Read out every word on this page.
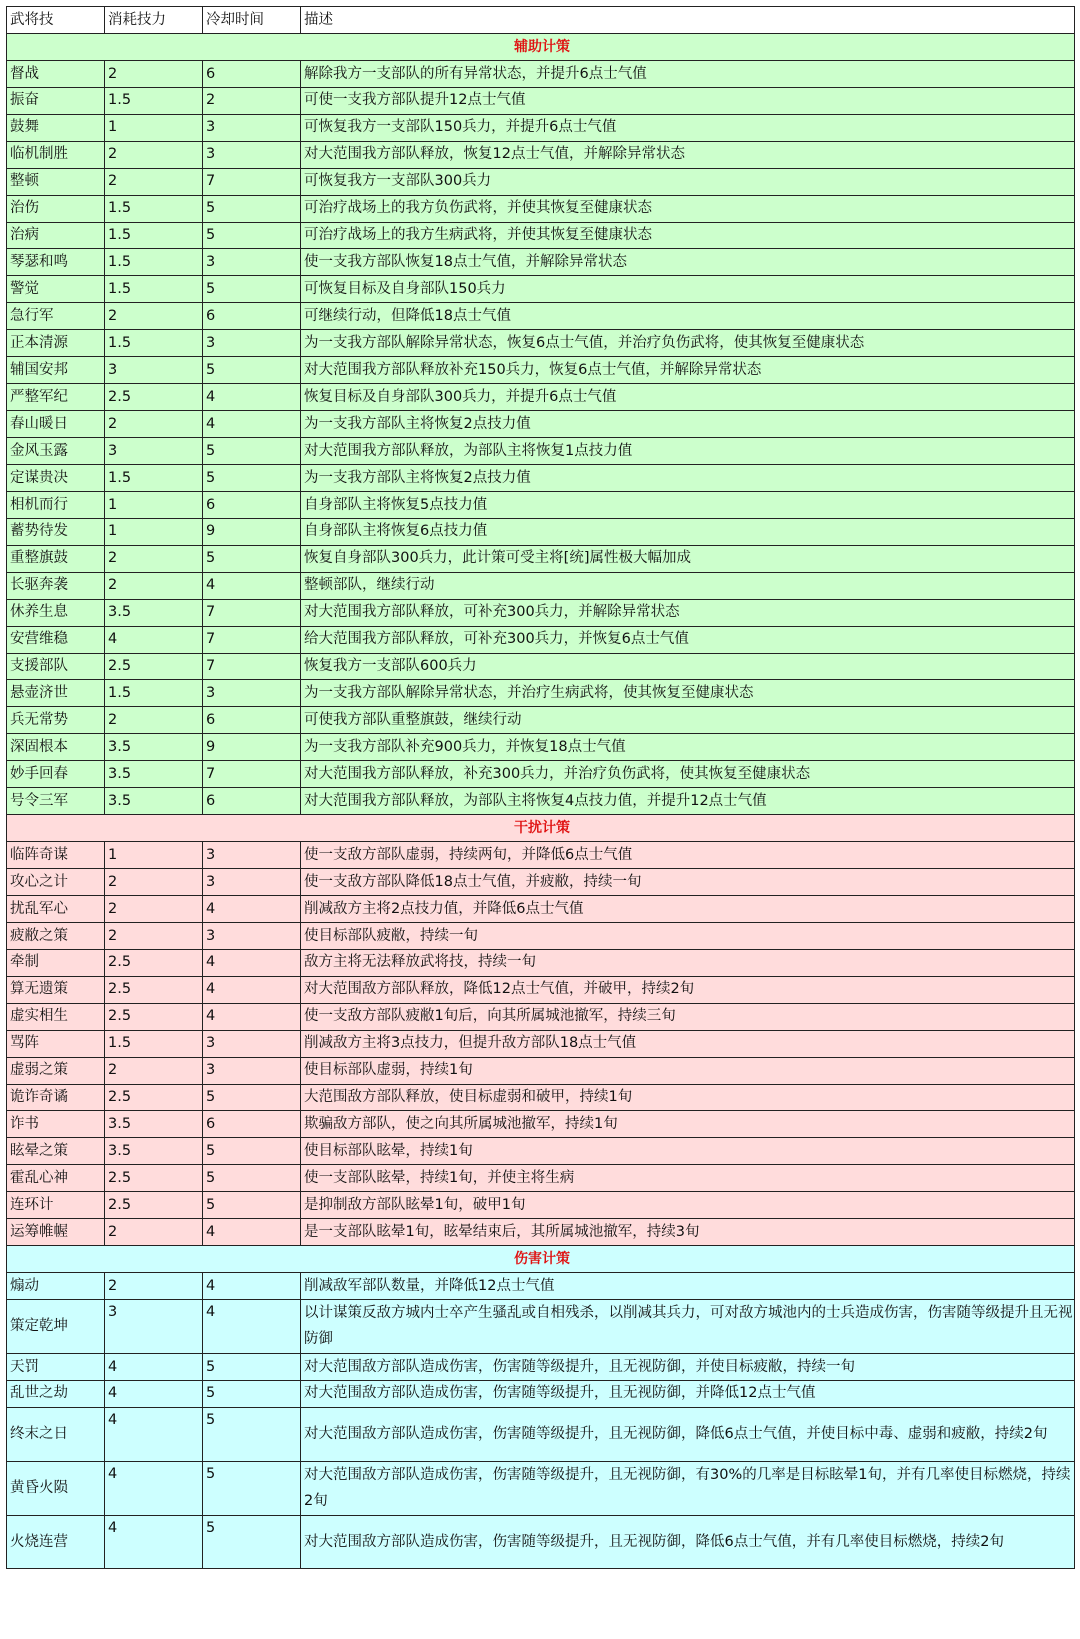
武将技	消耗技力	冷却时间	描述
辅助计策			
督战	2	6	解除我方一支部队的所有异常状态，并提升6点士气值
振奋	1.5	2	可使一支我方部队提升12点士气值
鼓舞	1	3	可恢复我方一支部队150兵力，并提升6点士气值
临机制胜	2	3	对大范围我方部队释放，恢复12点士气值，并解除异常状态
整顿	2	7	可恢复我方一支部队300兵力
治伤	1.5	5	可治疗战场上的我方负伤武将，并使其恢复至健康状态
治病	1.5	5	可治疗战场上的我方生病武将，并使其恢复至健康状态
琴瑟和鸣	1.5	3	使一支我方部队恢复18点士气值，并解除异常状态
警觉	1.5	5	可恢复目标及自身部队150兵力
急行军	2	6	可继续行动，但降低18点士气值
正本清源	1.5	3	为一支我方部队解除异常状态，恢复6点士气值，并治疗负伤武将，使其恢复至健康状态
辅国安邦	3	5	对大范围我方部队释放补充150兵力，恢复6点士气值，并解除异常状态
严整军纪	2.5	4	恢复目标及自身部队300兵力，并提升6点士气值
春山暖日	2	4	为一支我方部队主将恢复2点技力值
金风玉露	3	5	对大范围我方部队释放，为部队主将恢复1点技力值
定谋贵决	1.5	5	为一支我方部队主将恢复2点技力值
相机而行	1	6	自身部队主将恢复5点技力值
蓄势待发	1	9	自身部队主将恢复6点技力值
重整旗鼓	2	5	恢复自身部队300兵力，此计策可受主将[统]属性极大幅加成
长驱奔袭	2	4	整顿部队，继续行动
休养生息	3.5	7	对大范围我方部队释放，可补充300兵力，并解除异常状态
安营维稳	4	7	给大范围我方部队释放，可补充300兵力，并恢复6点士气值
支援部队	2.5	7	恢复我方一支部队600兵力
悬壶济世	1.5	3	为一支我方部队解除异常状态，并治疗生病武将，使其恢复至健康状态
兵无常势	2	6	可使我方部队重整旗鼓，继续行动
深固根本	3.5	9	为一支我方部队补充900兵力，并恢复18点士气值
妙手回春	3.5	7	对大范围我方部队释放，补充300兵力，并治疗负伤武将，使其恢复至健康状态
号令三军	3.5	6	对大范围我方部队释放，为部队主将恢复4点技力值，并提升12点士气值
干扰计策			
临阵奇谋	1	3	使一支敌方部队虚弱，持续两旬，并降低6点士气值
攻心之计	2	3	使一支敌方部队降低18点士气值，并疲敝，持续一旬
扰乱军心	2	4	削减敌方主将2点技力值，并降低6点士气值
疲敝之策	2	3	使目标部队疲敝，持续一旬
牵制	2.5	4	敌方主将无法释放武将技，持续一旬
算无遗策	2.5	4	对大范围敌方部队释放，降低12点士气值，并破甲，持续2旬
虚实相生	2.5	4	使一支敌方部队疲敝1旬后，向其所属城池撤军，持续三旬
骂阵	1.5	3	削减敌方主将3点技力，但提升敌方部队18点士气值
虚弱之策	2	3	使目标部队虚弱，持续1旬
诡诈奇谲	2.5	5	大范围敌方部队释放，使目标虚弱和破甲，持续1旬
诈书	3.5	6	欺骗敌方部队，使之向其所属城池撤军，持续1旬
眩晕之策	3.5	5	使目标部队眩晕，持续1旬
霍乱心神	2.5	5	使一支部队眩晕，持续1旬，并使主将生病
连环计	2.5	5	是抑制敌方部队眩晕1旬，破甲1旬
运筹帷幄	2	4	是一支部队眩晕1旬，眩晕结束后，其所属城池撤军，持续3旬
伤害计策			
煽动	2	4	削减敌军部队数量，并降低12点士气值
策定乾坤	3	4	以计谋策反敌方城内士卒产生骚乱或自相残杀，以削减其兵力，可对敌方城池内的士兵造成伤害，伤害随等级提升且无视防御
天罚	4	5	对大范围敌方部队造成伤害，伤害随等级提升，且无视防御，并使目标疲敝，持续一旬
乱世之劫	4	5	对大范围敌方部队造成伤害，伤害随等级提升，且无视防御，并降低12点士气值
终末之日	4	5	对大范围敌方部队造成伤害，伤害随等级提升，且无视防御，降低6点士气值，并使目标中毒、虚弱和疲敝，持续2旬
黄昏火陨	4	5	对大范围敌方部队造成伤害，伤害随等级提升，且无视防御，有30%的几率是目标眩晕1旬，并有几率使目标燃烧，持续2旬
火烧连营	4	5	对大范围敌方部队造成伤害，伤害随等级提升，且无视防御，降低6点士气值，并有几率使目标燃烧，持续2旬
